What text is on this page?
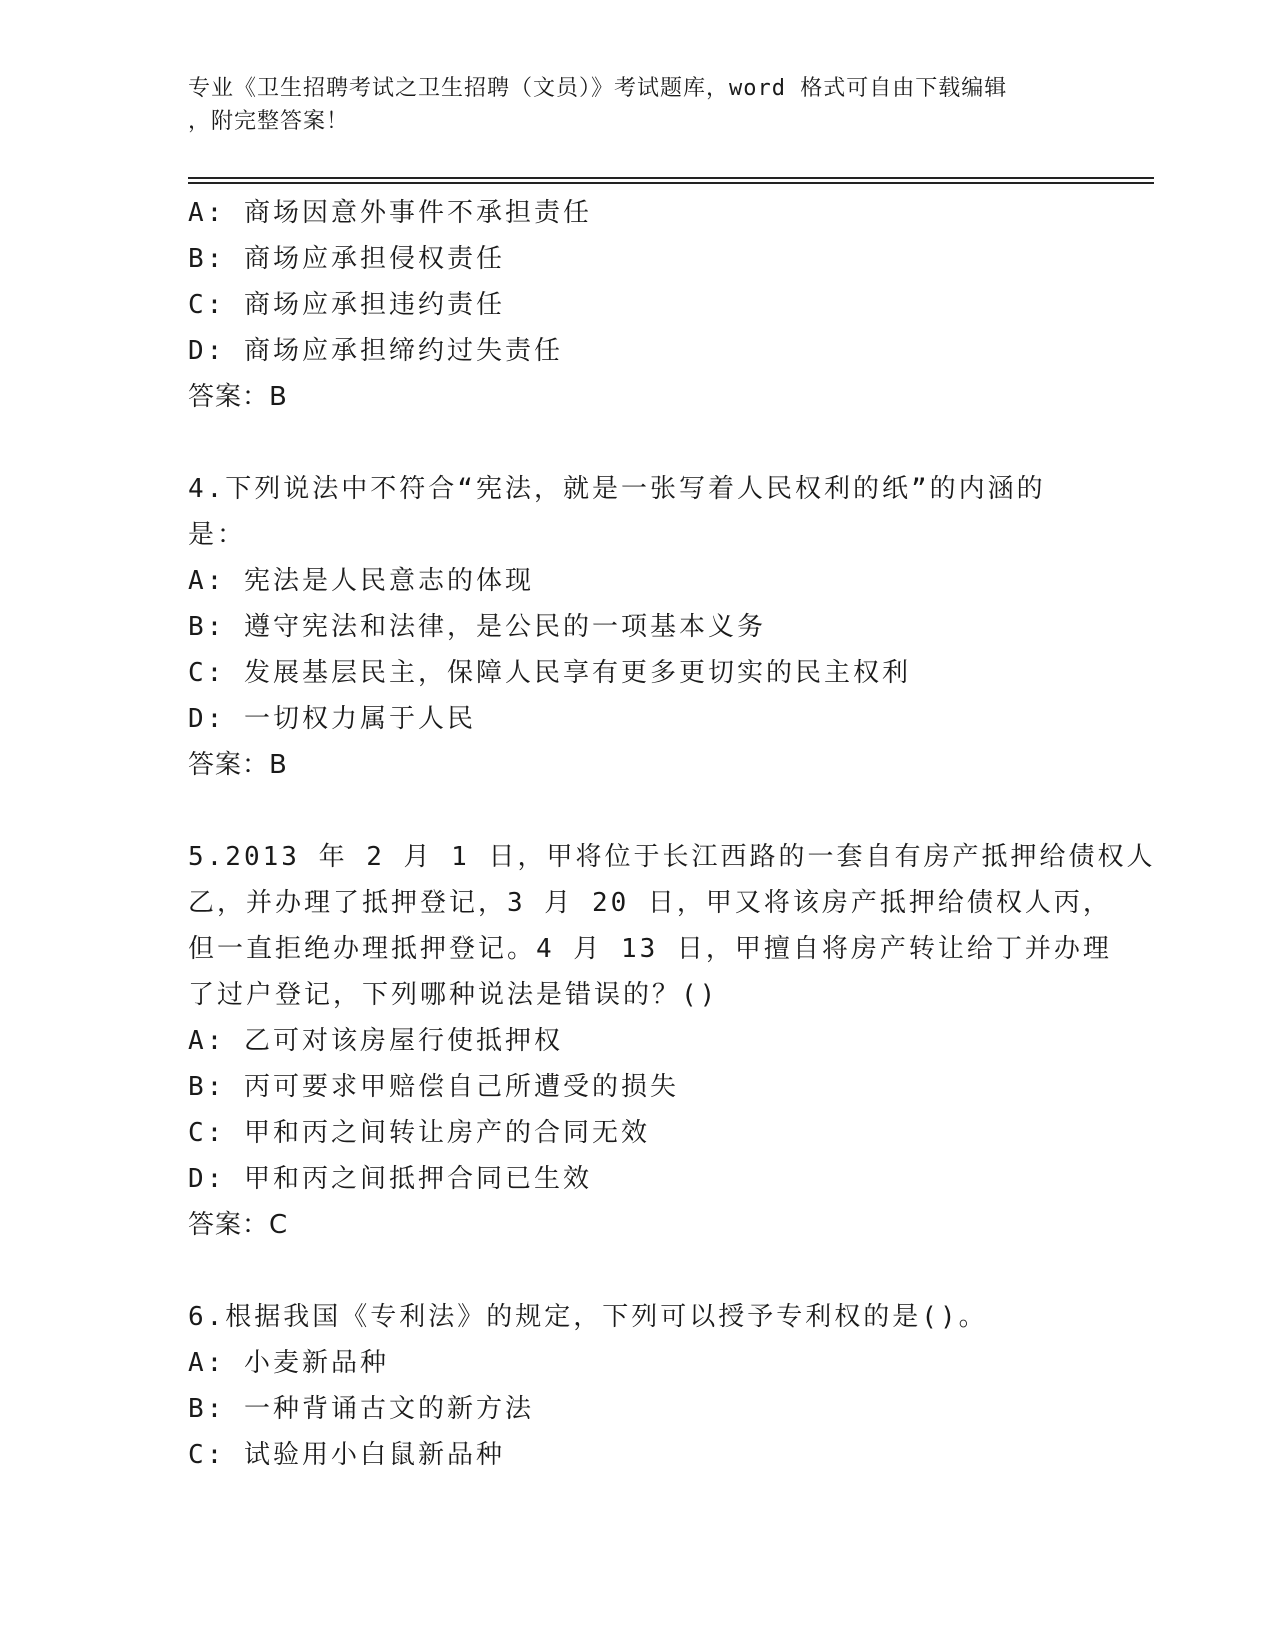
专业《卫生招聘考试之卫生招聘（文员）》考试题库，word 格式可自由下载编辑
，附完整答案！
A: 商场因意外事件不承担责任
B: 商场应承担侵权责任
C: 商场应承担违约责任
D: 商场应承担缔约过失责任
答案：B
4.下列说法中不符合“宪法，就是一张写着人民权利的纸”的内涵的
是：
A: 宪法是人民意志的体现
B: 遵守宪法和法律，是公民的一项基本义务
C: 发展基层民主，保障人民享有更多更切实的民主权利
D: 一切权力属于人民
答案：B
5.2013 年 2 月 1 日，甲将位于长江西路的一套自有房产抵押给债权人
乙，并办理了抵押登记，3 月 20 日，甲又将该房产抵押给债权人丙，
但一直拒绝办理抵押登记。4 月 13 日，甲擅自将房产转让给丁并办理
了过户登记，下列哪种说法是错误的？()
A: 乙可对该房屋行使抵押权
B: 丙可要求甲赔偿自己所遭受的损失
C: 甲和丙之间转让房产的合同无效
D: 甲和丙之间抵押合同已生效
答案：C
6.根据我国《专利法》的规定，下列可以授予专利权的是()。
A: 小麦新品种
B: 一种背诵古文的新方法
C: 试验用小白鼠新品种
